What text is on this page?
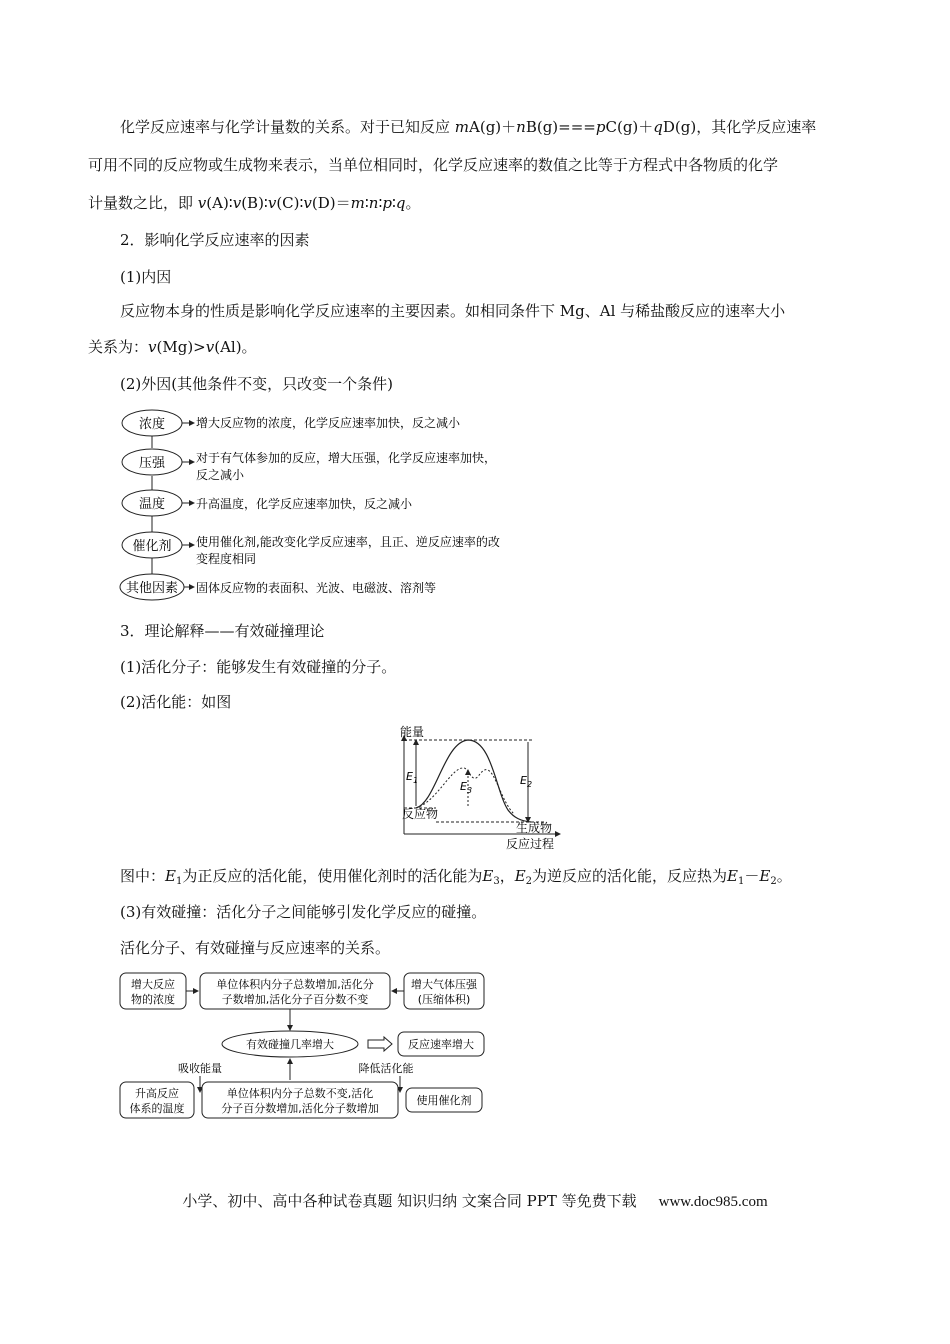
化学反应速率与化学计量数的关系。对于已知反应 mA(g)＋nB(g)===pC(g)＋qD(g)，其化学反应速率
可用不同的反应物或生成物来表示，当单位相同时，化学反应速率的数值之比等于方程式中各物质的化学
计量数之比，即 v(A)∶v(B)∶v(C)∶v(D)＝m∶n∶p∶q。
2．影响化学反应速率的因素
(1)内因
反应物本身的性质是影响化学反应速率的主要因素。如相同条件下 Mg、Al 与稀盐酸反应的速率大小
关系为：v(Mg)>v(Al)。
(2)外因(其他条件不变，只改变一个条件)
浓度	增大反应物的浓度，化学反应速率加快，反之减小
压强	对于有气体参加的反应，增大压强，化学反应速率加快，
反之减小
温度	升高温度，化学反应速率加快，反之减小
催化剂 使用催化剂,能改变化学反应速率，且正、逆反应速率的改
变程度相同
其他因素 固体反应物的表面积、光波、电磁波、溶剂等
3．理论解释——有效碰撞理论
(1)活化分子：能够发生有效碰撞的分子。
(2)活化能：如图
能量
$E_1$	$E_3$
$E_2$
反应物
生成物
反应过程
图中：$E_1$为正反应的活化能，使用催化剂时的活化能为$E_3$，$E_2$为逆反应的活化能，反应热为$E_1-E_2$。
(3)有效碰撞：活化分子之间能够引发化学反应的碰撞。
活化分子、有效碰撞与反应速率的关系。
增大反应
物的浓度
单位体积内分子总数增加,活化分
子数增加,活化分子百分数不变
增大气体压强
(压缩体积)
有效碰撞几率增大	反应速率增大
吸收能量	降低活化能
升高反应
体系的温度
单位体积内分子总数不变,活化
分子百分数增加,活化分子数增加
使用催化剂
小学、初中、高中各种试卷真题 知识归纳 文案合同 PPT 等免费下载 www.doc985.com
